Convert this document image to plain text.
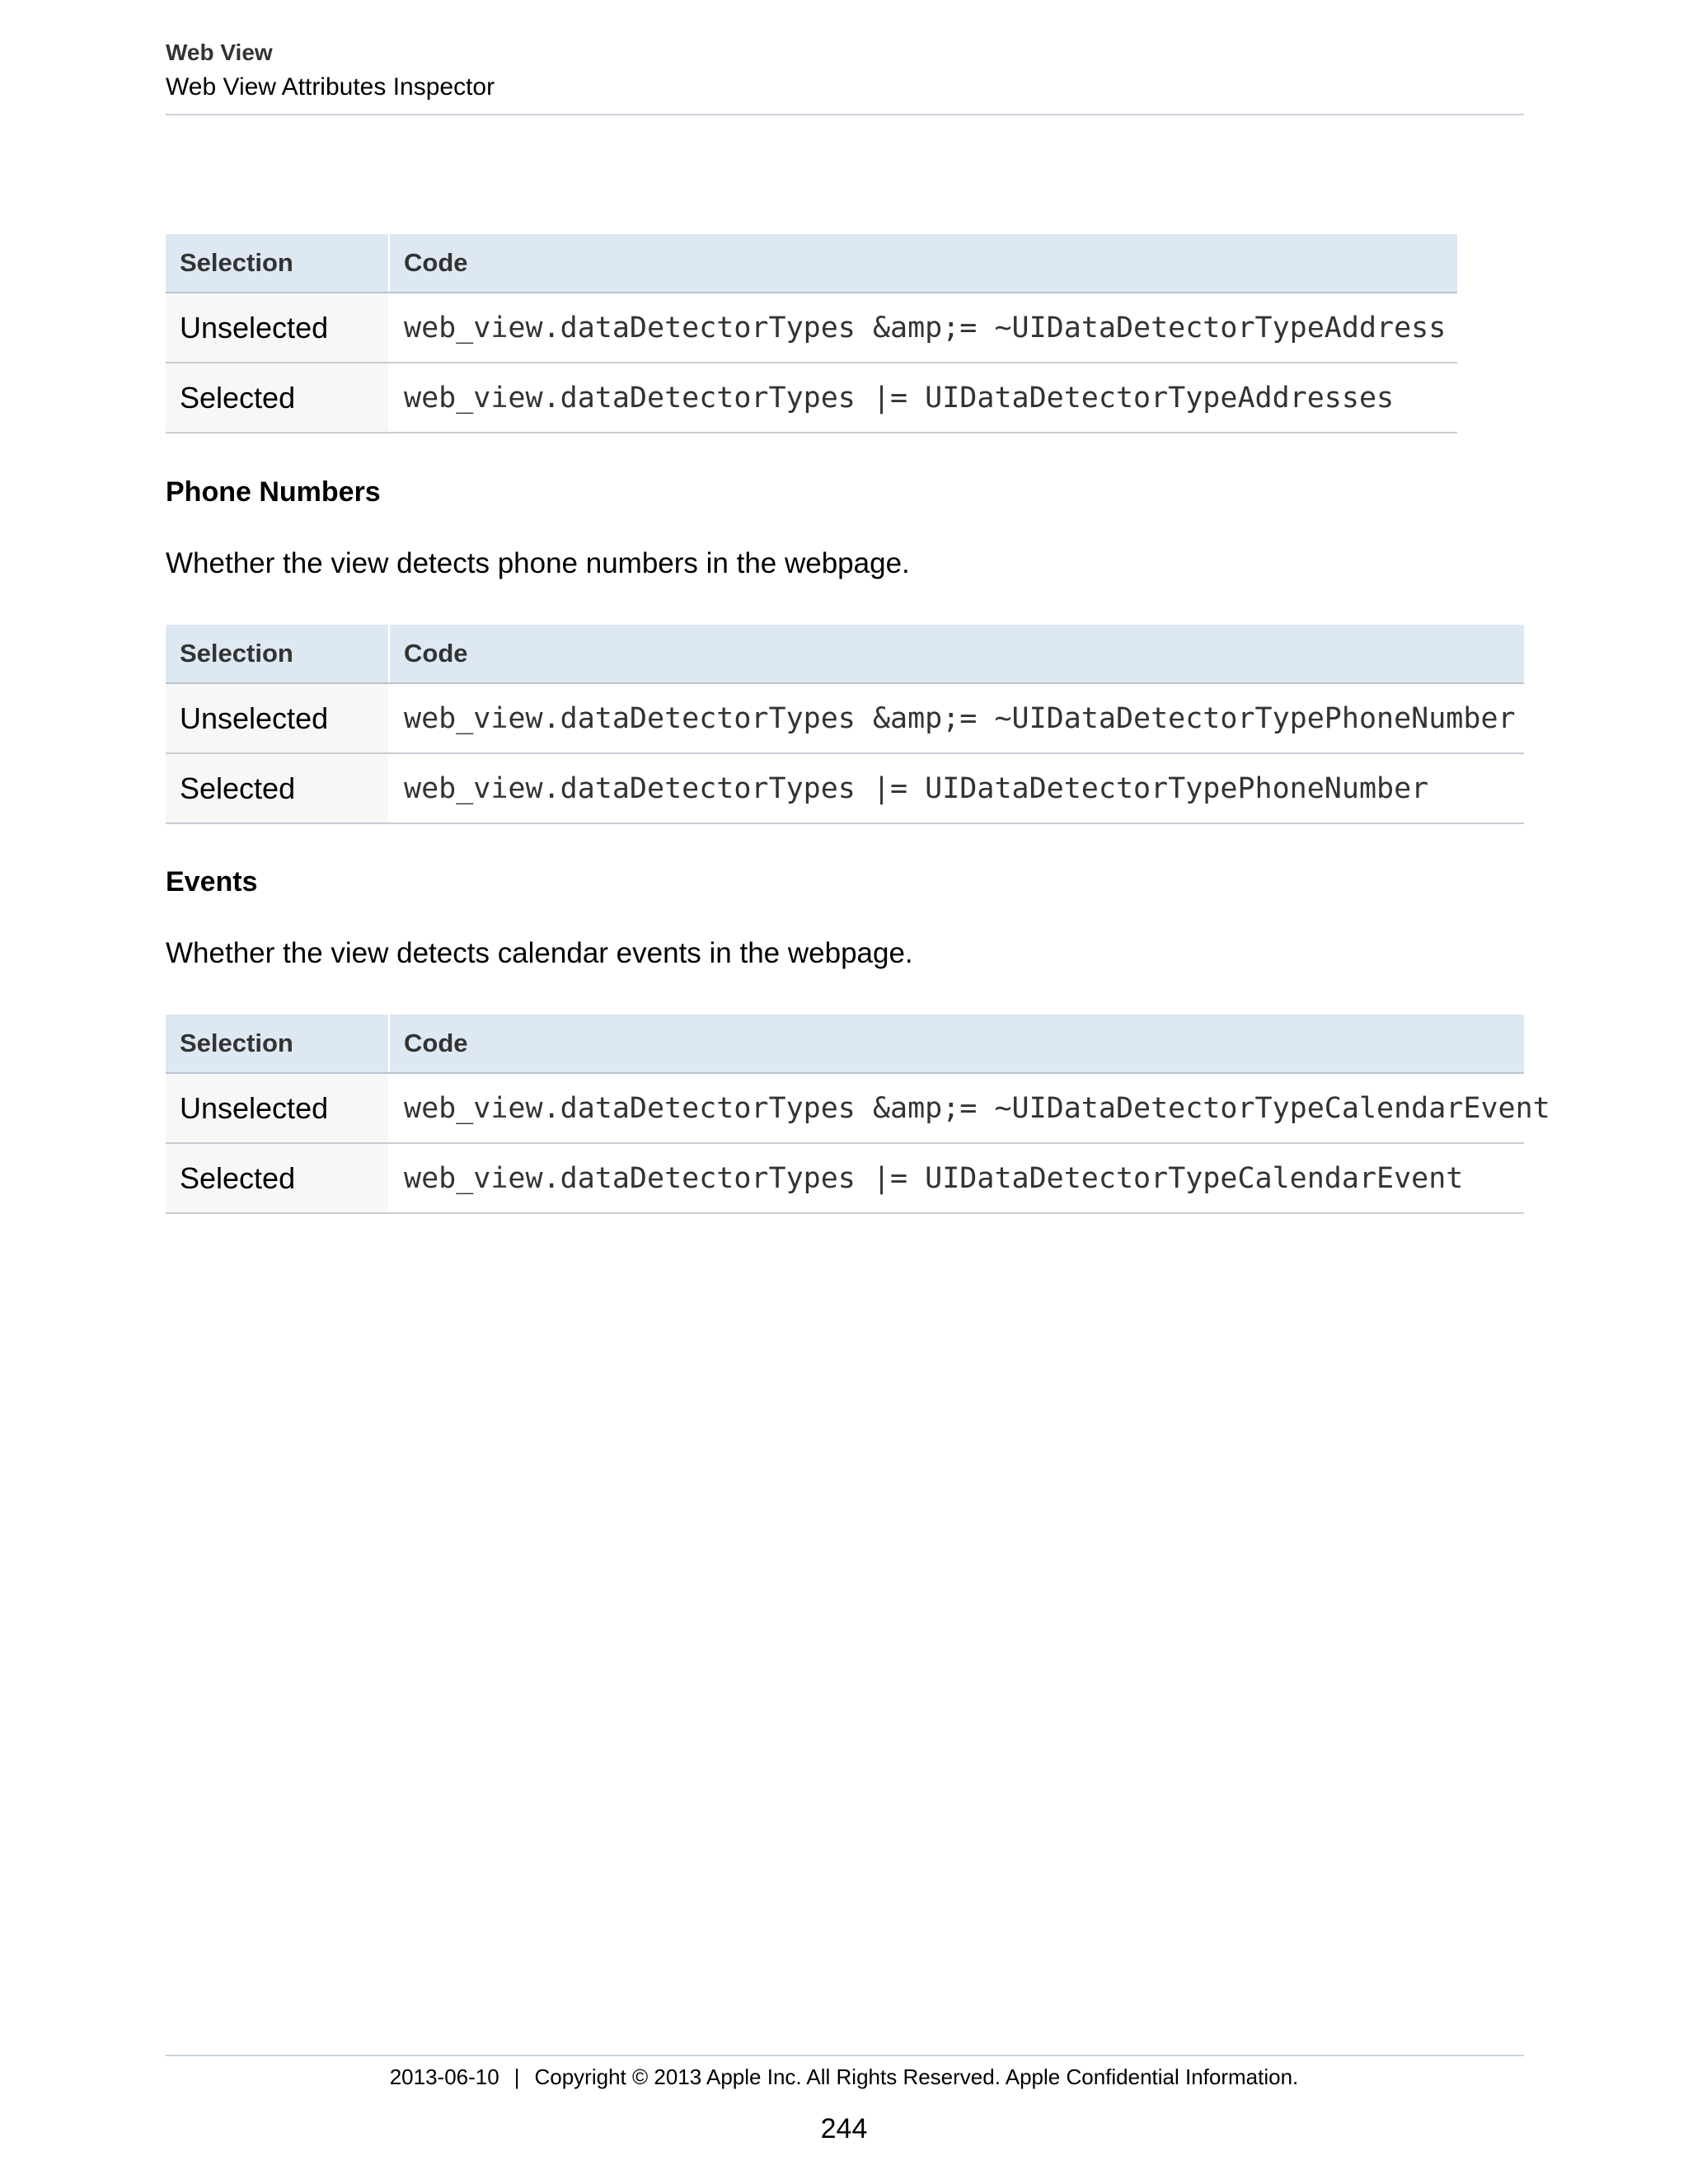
Web View
Web View Attributes Inspector
Selection	Code
Unselected	web_view.dataDetectorTypes &amp;= ~UIDataDetectorTypeAddress
Selected	web_view.dataDetectorTypes |= UIDataDetectorTypeAddresses
Phone Numbers
Whether the view detects phone numbers in the webpage.
Selection	Code
Unselected	web_view.dataDetectorTypes &amp;= ~UIDataDetectorTypePhoneNumber
Selected	web_view.dataDetectorTypes |= UIDataDetectorTypePhoneNumber
Events
Whether the view detects calendar events in the webpage.
Selection	Code
Unselected	web_view.dataDetectorTypes &amp;= ~UIDataDetectorTypeCalendarEvent
Selected	web_view.dataDetectorTypes |= UIDataDetectorTypeCalendarEvent
2013-06-10 | Copyright © 2013 Apple Inc. All Rights Reserved. Apple Confidential Information.
244
